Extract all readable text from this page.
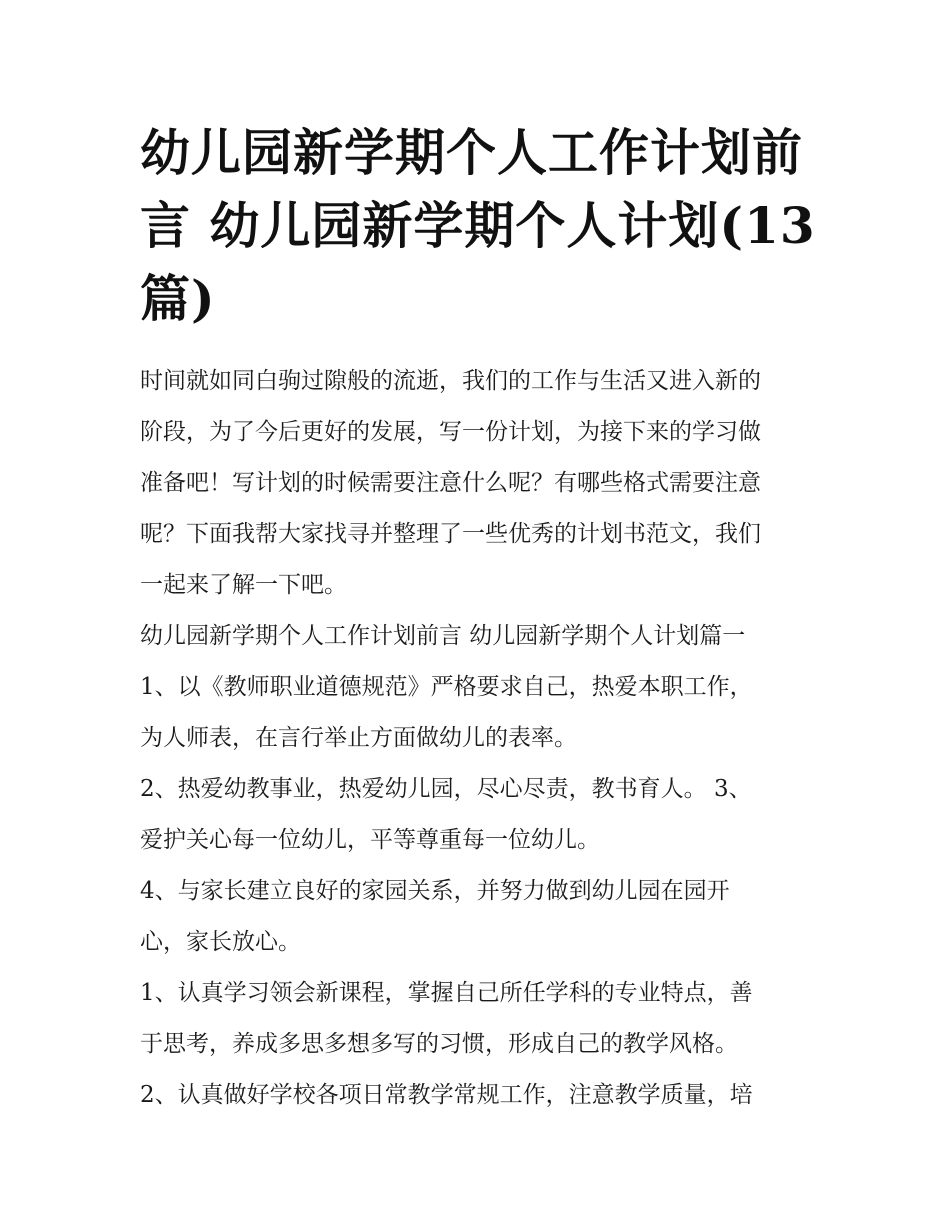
幼儿园新学期个人工作计划前
言 幼儿园新学期个人计划(13
篇)
时间就如同白驹过隙般的流逝，我们的工作与生活又进入新的
阶段，为了今后更好的发展，写一份计划，为接下来的学习做
准备吧！写计划的时候需要注意什么呢？有哪些格式需要注意
呢？下面我帮大家找寻并整理了一些优秀的计划书范文，我们
一起来了解一下吧。
幼儿园新学期个人工作计划前言 幼儿园新学期个人计划篇一
1、以《教师职业道德规范》严格要求自己，热爱本职工作，
为人师表，在言行举止方面做幼儿的表率。
2、热爱幼教事业，热爱幼儿园，尽心尽责，教书育人。 3、
爱护关心每一位幼儿，平等尊重每一位幼儿。
4、与家长建立良好的家园关系，并努力做到幼儿园在园开
心，家长放心。
1、认真学习领会新课程，掌握自己所任学科的专业特点，善
于思考，养成多思多想多写的习惯，形成自己的教学风格。
2、认真做好学校各项日常教学常规工作，注意教学质量，培
